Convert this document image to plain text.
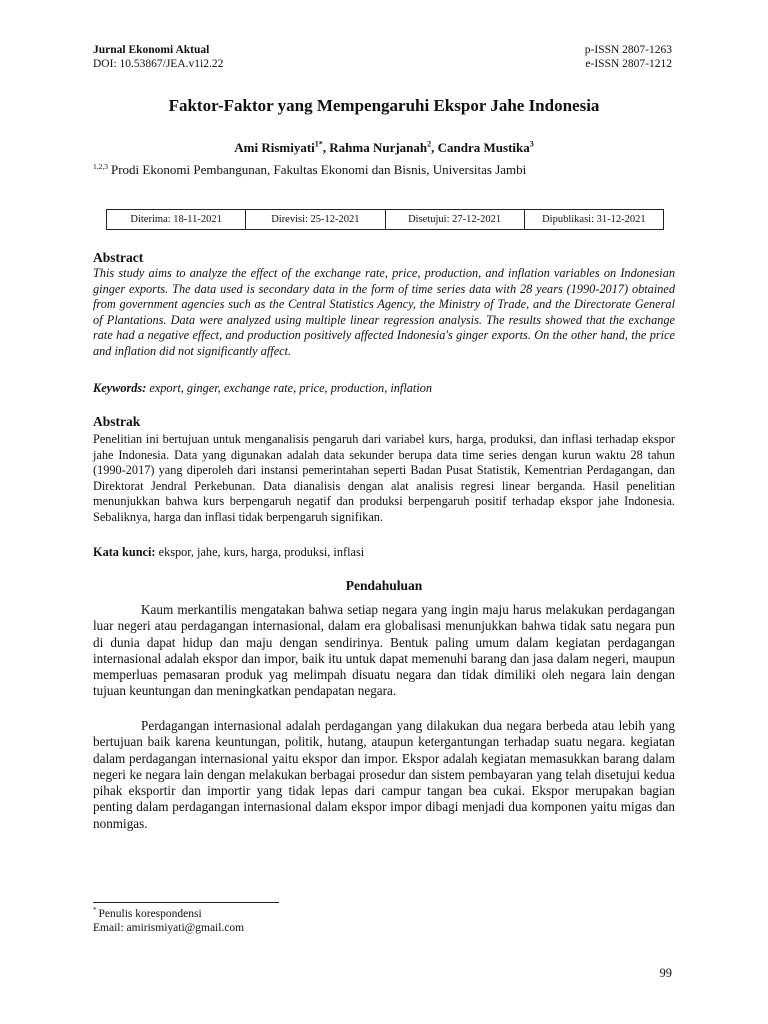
Jurnal Ekonomi Aktual
DOI: 10.53867/JEA.v1i2.22
p-ISSN 2807-1263
e-ISSN 2807-1212
Faktor-Faktor yang Mempengaruhi Ekspor Jahe Indonesia
Ami Rismiyati$^{1*}$, Rahma Nurjanah$^2$, Candra Mustika$^3$
$^{1,2,3}$ Prodi Ekonomi Pembangunan, Fakultas Ekonomi dan Bisnis, Universitas Jambi
Diterima: 18-11-2021	Direvisi: 25-12-2021	Disetujui: 27-12-2021	Dipublikasi: 31-12-2021
Abstract
This study aims to analyze the effect of the exchange rate, price, production, and inflation variables on Indonesian ginger exports. The data used is secondary data in the form of time series data with 28 years (1990-2017) obtained from government agencies such as the Central Statistics Agency, the Ministry of Trade, and the Directorate General of Plantations. Data were analyzed using multiple linear regression analysis. The results showed that the exchange rate had a negative effect, and production positively affected Indonesia's ginger exports. On the other hand, the price and inflation did not significantly affect.
Keywords: export, ginger, exchange rate, price, production, inflation
Abstrak
Penelitian ini bertujuan untuk menganalisis pengaruh dari variabel kurs, harga, produksi, dan inflasi terhadap ekspor jahe Indonesia. Data yang digunakan adalah data sekunder berupa data time series dengan kurun waktu 28 tahun (1990-2017) yang diperoleh dari instansi pemerintahan seperti Badan Pusat Statistik, Kementrian Perdagangan, dan Direktorat Jendral Perkebunan. Data dianalisis dengan alat analisis regresi linear berganda. Hasil penelitian menunjukkan bahwa kurs berpengaruh negatif dan produksi berpengaruh positif terhadap ekspor jahe Indonesia. Sebaliknya, harga dan inflasi tidak berpengaruh signifikan.
Kata kunci: ekspor, jahe, kurs, harga, produksi, inflasi
Pendahuluan
Kaum merkantilis mengatakan bahwa setiap negara yang ingin maju harus melakukan perdagangan luar negeri atau perdagangan internasional, dalam era globalisasi menunjukkan bahwa tidak satu negara pun di dunia dapat hidup dan maju dengan sendirinya. Bentuk paling umum dalam kegiatan perdagangan internasional adalah ekspor dan impor, baik itu untuk dapat memenuhi barang dan jasa dalam negeri, maupun memperluas pemasaran produk yag melimpah disuatu negara dan tidak dimiliki oleh negara lain dengan tujuan keuntungan dan meningkatkan pendapatan negara.
Perdagangan internasional adalah perdagangan yang dilakukan dua negara berbeda atau lebih yang bertujuan baik karena keuntungan, politik, hutang, ataupun ketergantungan terhadap suatu negara. kegiatan dalam perdagangan internasional yaitu ekspor dan impor. Ekspor adalah kegiatan memasukkan barang dalam negeri ke negara lain dengan melakukan berbagai prosedur dan sistem pembayaran yang telah disetujui kedua pihak eksportir dan importir yang tidak lepas dari campur tangan bea cukai. Ekspor merupakan bagian penting dalam perdagangan internasional dalam ekspor impor dibagi menjadi dua komponen yaitu migas dan nonmigas.
* Penulis korespondensi
Email: amirismiyati@gmail.com
99
